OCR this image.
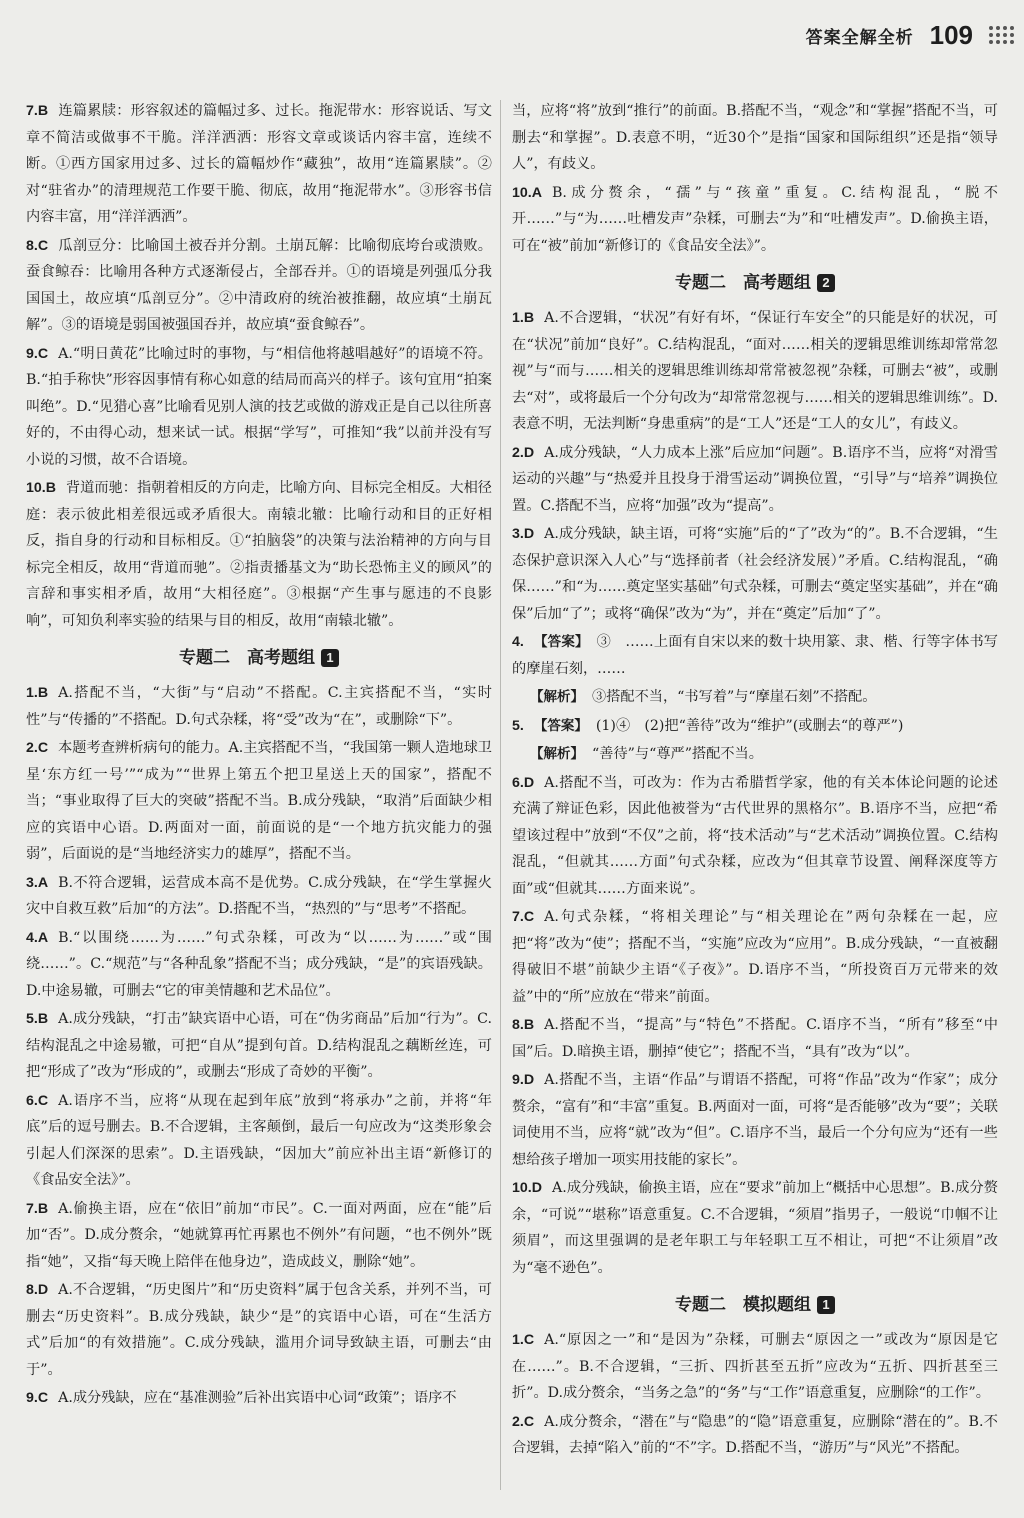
答案全解全析 109

7.B 连篇累牍：形容叙述的篇幅过多、过长。拖泥带水：形容说话、写文章不简洁或做事不干脆。洋洋洒洒：形容文章或谈话内容丰富，连续不断。①西方国家用过多、过长的篇幅炒作“藏独”，故用“连篇累牍”。②对“驻省办”的清理规范工作要干脆、彻底，故用“拖泥带水”。③形容书信内容丰富，用“洋洋洒洒”。

8.C 瓜剖豆分：比喻国土被吞并分割。土崩瓦解：比喻彻底垮台或溃败。蚕食鲸吞：比喻用各种方式逐渐侵占，全部吞并。①的语境是列强瓜分我国国土，故应填“瓜剖豆分”。②中清政府的统治被推翻，故应填“土崩瓦解”。③的语境是弱国被强国吞并，故应填“蚕食鲸吞”。

9.C A.“明日黄花”比喻过时的事物，与“相信他将越唱越好”的语境不符。B.“拍手称快”形容因事情有称心如意的结局而高兴的样子。该句宜用“拍案叫绝”。D.“见猎心喜”比喻看见别人演的技艺或做的游戏正是自己以往所喜好的，不由得心动，想来试一试。根据“学写”，可推知“我”以前并没有写小说的习惯，故不合语境。

10.B 背道而驰：指朝着相反的方向走，比喻方向、目标完全相反。大相径庭：表示彼此相差很远或矛盾很大。南辕北辙：比喻行动和目的正好相反，指自身的行动和目标相反。①“拍脑袋”的决策与法治精神的方向与目标完全相反，故用“背道而驰”。②指责播基文为“助长恐怖主义的顾风”的言辞和事实相矛盾，故用“大相径庭”。③根据“产生事与愿违的不良影响”，可知负利率实验的结果与目的相反，故用“南辕北辙”。

专题二　高考题组 1

1.B A.搭配不当，“大街”与“启动”不搭配。C.主宾搭配不当，“实时性”与“传播的”不搭配。D.句式杂糅，将“受”改为“在”，或删除“下”。

2.C 本题考查辨析病句的能力。A.主宾搭配不当，“我国第一颗人造地球卫星‘东方红一号’”“成为”“世界上第五个把卫星送上天的国家”，搭配不当；“事业取得了巨大的突破”搭配不当。B.成分残缺，“取消”后面缺少相应的宾语中心语。D.两面对一面，前面说的是“一个地方抗灾能力的强弱”，后面说的是“当地经济实力的雄厚”，搭配不当。

3.A B.不符合逻辑，运营成本高不是优势。C.成分残缺，在“学生掌握火灾中自救互救”后加“的方法”。D.搭配不当，“热烈的”与“思考”不搭配。

4.A B.“以围绕……为……”句式杂糅，可改为“以……为……”或“围绕……”。C.“规范”与“各种乱象”搭配不当；成分残缺，“是”的宾语残缺。D.中途易辙，可删去“它的审美情趣和艺术品位”。

5.B A.成分残缺，“打击”缺宾语中心语，可在“伪劣商品”后加“行为”。C.结构混乱之中途易辙，可把“自从”提到句首。D.结构混乱之藕断丝连，可把“形成了”改为“形成的”，或删去“形成了奇妙的平衡”。

6.C A.语序不当，应将“从现在起到年底”放到“将承办”之前，并将“年底”后的逗号删去。B.不合逻辑，主客颠倒，最后一句应改为“这类形象会引起人们深深的思索”。D.主语残缺，“因加大”前应补出主语“新修订的《食品安全法》”。

7.B A.偷换主语，应在“依旧”前加“市民”。C.一面对两面，应在“能”后加“否”。D.成分赘余，“她就算再忙再累也不例外”有问题，“也不例外”既指“她”，又指“每天晚上陪伴在他身边”，造成歧义，删除“她”。

8.D A.不合逻辑，“历史图片”和“历史资料”属于包含关系，并列不当，可删去“历史资料”。B.成分残缺，缺少“是”的宾语中心语，可在“生活方式”后加“的有效措施”。C.成分残缺，滥用介词导致缺主语，可删去“由于”。

9.C A.成分残缺，应在“基准测验”后补出宾语中心词“政策”；语序不

当，应将“将”放到“推行”的前面。B.搭配不当，“观念”和“掌握”搭配不当，可删去“和掌握”。D.表意不明，“近30个”是指“国家和国际组织”还是指“领导人”，有歧义。

10.A B.成分赘余，“孺”与“孩童”重复。C.结构混乱，“脱不开……”与“为……吐槽发声”杂糅，可删去“为”和“吐槽发声”。D.偷换主语，可在“被”前加“新修订的《食品安全法》”。

专题二　高考题组 2

1.B A.不合逻辑，“状况”有好有坏，“保证行车安全”的只能是好的状况，可在“状况”前加“良好”。C.结构混乱，“面对……相关的逻辑思维训练却常常忽视”与“而与……相关的逻辑思维训练却常常被忽视”杂糅，可删去“被”，或删去“对”，或将最后一个分句改为“却常常忽视与……相关的逻辑思维训练”。D.表意不明，无法判断“身患重病”的是“工人”还是“工人的女儿”，有歧义。

2.D A.成分残缺，“人力成本上涨”后应加“问题”。B.语序不当，应将“对滑雪运动的兴趣”与“热爱并且投身于滑雪运动”调换位置，“引导”与“培养”调换位置。C.搭配不当，应将“加强”改为“提高”。

3.D A.成分残缺，缺主语，可将“实施”后的“了”改为“的”。B.不合逻辑，“生态保护意识深入人心”与“选择前者（社会经济发展）”矛盾。C.结构混乱，“确保……”和“为……奠定坚实基础”句式杂糅，可删去“奠定坚实基础”，并在“确保”后加“了”；或将“确保”改为“为”，并在“奠定”后加“了”。

4. 【答案】 ③　……上面有自宋以来的数十块用篆、隶、楷、行等字体书写的摩崖石刻，……

【解析】 ③搭配不当，“书写着”与“摩崖石刻”不搭配。

5. 【答案】 (1)④　(2)把“善待”改为“维护”(或删去“的尊严”)

【解析】 “善待”与“尊严”搭配不当。

6.D A.搭配不当，可改为：作为古希腊哲学家，他的有关本体论问题的论述充满了辩证色彩，因此他被誉为“古代世界的黑格尔”。B.语序不当，应把“希望该过程中”放到“不仅”之前，将“技术活动”与“艺术活动”调换位置。C.结构混乱，“但就其……方面”句式杂糅，应改为“但其章节设置、阐释深度等方面”或“但就其……方面来说”。

7.C A.句式杂糅，“将相关理论”与“相关理论在”两句杂糅在一起，应把“将”改为“使”；搭配不当，“实施”应改为“应用”。B.成分残缺，“一直被翻得破旧不堪”前缺少主语“《子夜》”。D.语序不当，“所投资百万元带来的效益”中的“所”应放在“带来”前面。

8.B A.搭配不当，“提高”与“特色”不搭配。C.语序不当，“所有”移至“中国”后。D.暗换主语，删掉“使它”；搭配不当，“具有”改为“以”。

9.D A.搭配不当，主语“作品”与谓语不搭配，可将“作品”改为“作家”；成分赘余，“富有”和“丰富”重复。B.两面对一面，可将“是否能够”改为“要”；关联词使用不当，应将“就”改为“但”。C.语序不当，最后一个分句应为“还有一些想给孩子增加一项实用技能的家长”。

10.D A.成分残缺，偷换主语，应在“要求”前加上“概括中心思想”。B.成分赘余，“可说”“堪称”语意重复。C.不合逻辑，“须眉”指男子，一般说“巾帼不让须眉”，而这里强调的是老年职工与年轻职工互不相让，可把“不让须眉”改为“毫不逊色”。

专题二　模拟题组 1

1.C A.“原因之一”和“是因为”杂糅，可删去“原因之一”或改为“原因是它在……”。B.不合逻辑，“三折、四折甚至五折”应改为“五折、四折甚至三折”。D.成分赘余，“当务之急”的“务”与“工作”语意重复，应删除“的工作”。

2.C A.成分赘余，“潜在”与“隐患”的“隐”语意重复，应删除“潜在的”。B.不合逻辑，去掉“陷入”前的“不”字。D.搭配不当，“游历”与“风光”不搭配。
